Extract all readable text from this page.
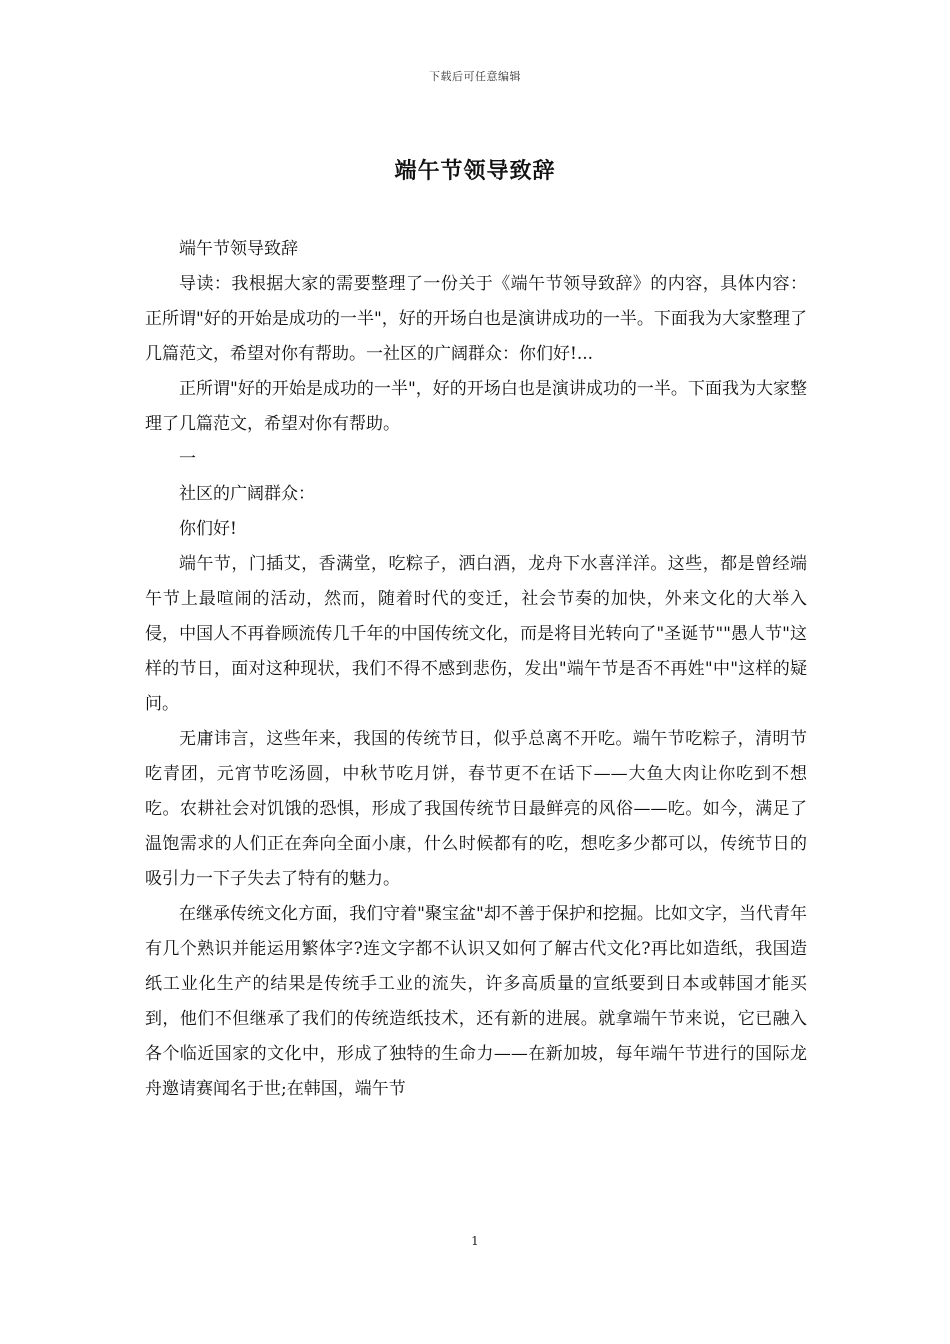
下载后可任意编辑
端午节领导致辞

端午节领导致辞

导读：我根据大家的需要整理了一份关于《端午节领导致辞》的内容，具体内容：正所谓"好的开始是成功的一半"，好的开场白也是演讲成功的一半。下面我为大家整理了几篇范文，希望对你有帮助。一社区的广阔群众：你们好!...

正所谓"好的开始是成功的一半"，好的开场白也是演讲成功的一半。下面我为大家整理了几篇范文，希望对你有帮助。

一

社区的广阔群众：

你们好!

端午节，门插艾，香满堂，吃粽子，洒白酒，龙舟下水喜洋洋。这些，都是曾经端午节上最喧闹的活动，然而，随着时代的变迁，社会节奏的加快，外来文化的大举入侵，中国人不再眷顾流传几千年的中国传统文化，而是将目光转向了"圣诞节""愚人节"这样的节日，面对这种现状，我们不得不感到悲伤，发出"端午节是否不再姓"中"这样的疑问。

无庸讳言，这些年来，我国的传统节日，似乎总离不开吃。端午节吃粽子，清明节吃青团，元宵节吃汤圆，中秋节吃月饼，春节更不在话下——大鱼大肉让你吃到不想吃。农耕社会对饥饿的恐惧，形成了我国传统节日最鲜亮的风俗——吃。如今，满足了温饱需求的人们正在奔向全面小康，什么时候都有的吃，想吃多少都可以，传统节日的吸引力一下子失去了特有的魅力。

在继承传统文化方面，我们守着"聚宝盆"却不善于保护和挖掘。比如文字，当代青年有几个熟识并能运用繁体字?连文字都不认识又如何了解古代文化?再比如造纸，我国造纸工业化生产的结果是传统手工业的流失，许多高质量的宣纸要到日本或韩国才能买到，他们不但继承了我们的传统造纸技术，还有新的进展。就拿端午节来说，它已融入各个临近国家的文化中，形成了独特的生命力——在新加坡，每年端午节进行的国际龙舟邀请赛闻名于世;在韩国，端午节

1
